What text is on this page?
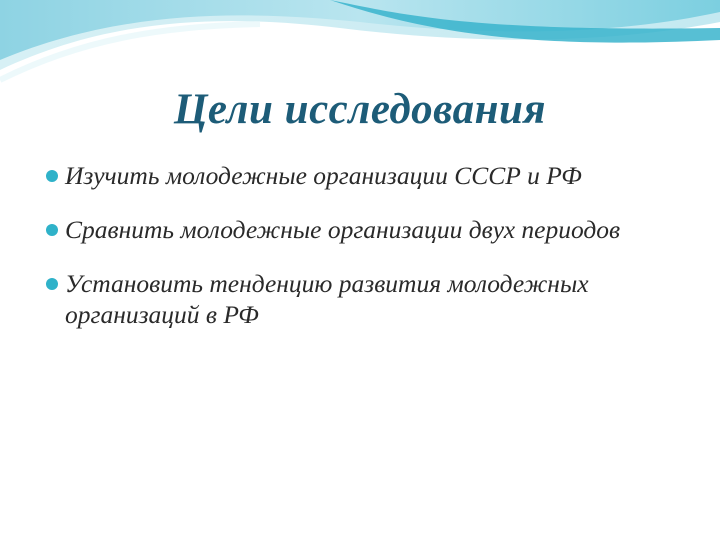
Цели исследования
Изучить молодежные организации СССР и РФ
Сравнить молодежные организации двух периодов
Установить тенденцию развития молодежных организаций в РФ
